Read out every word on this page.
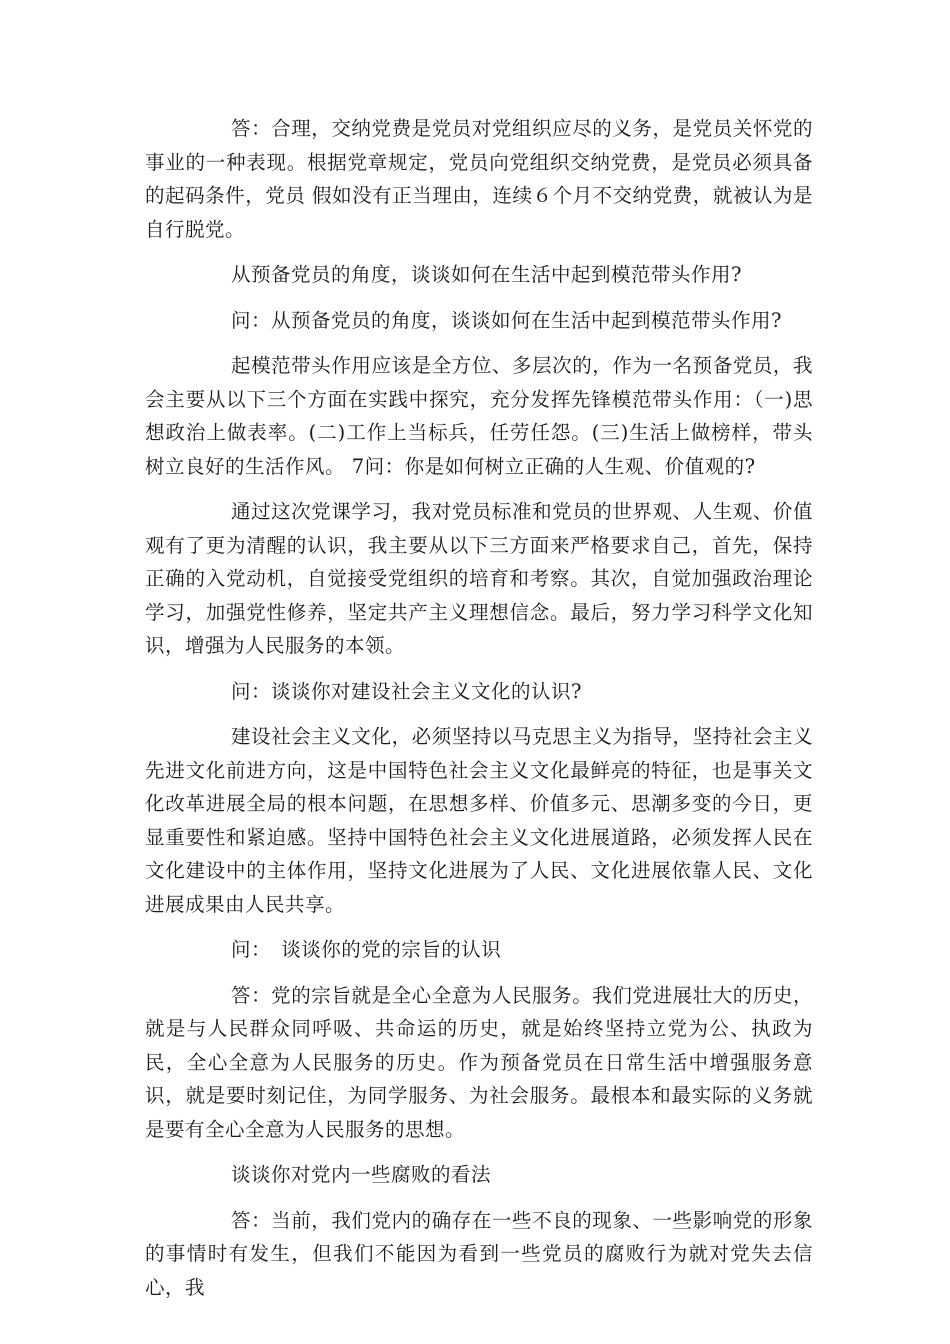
答：合理，交纳党费是党员对党组织应尽的义务，是党员关怀党的事业的一种表现。根据党章规定，党员向党组织交纳党费，是党员必须具备的起码条件，党员 假如没有正当理由，连续６个月不交纳党费，就被认为是自行脱党。

从预备党员的角度，谈谈如何在生活中起到模范带头作用?

问：从预备党员的角度，谈谈如何在生活中起到模范带头作用?

起模范带头作用应该是全方位、多层次的，作为一名预备党员，我会主要从以下三个方面在实践中探究，充分发挥先锋模范带头作用：（一)思想政治上做表率。(二)工作上当标兵，任劳任怨。(三)生活上做榜样，带头树立良好的生活作风。 7问：你是如何树立正确的人生观、价值观的?

通过这次党课学习，我对党员标准和党员的世界观、人生观、价值观有了更为清醒的认识，我主要从以下三方面来严格要求自己，首先，保持正确的入党动机，自觉接受党组织的培育和考察。其次，自觉加强政治理论学习，加强党性修养，坚定共产主义理想信念。最后，努力学习科学文化知识，增强为人民服务的本领。

问：谈谈你对建设社会主义文化的认识?

建设社会主义文化，必须坚持以马克思主义为指导，坚持社会主义先进文化前进方向，这是中国特色社会主义文化最鲜亮的特征，也是事关文化改革进展全局的根本问题，在思想多样、价值多元、思潮多变的今日，更显重要性和紧迫感。坚持中国特色社会主义文化进展道路，必须发挥人民在文化建设中的主体作用，坚持文化进展为了人民、文化进展依靠人民、文化进展成果由人民共享。

问：　谈谈你的党的宗旨的认识

答：党的宗旨就是全心全意为人民服务。我们党进展壮大的历史，就是与人民群众同呼吸、共命运的历史，就是始终坚持立党为公、执政为民，全心全意为人民服务的历史。作为预备党员在日常生活中增强服务意识，就是要时刻记住，为同学服务、为社会服务。最根本和最实际的义务就是要有全心全意为人民服务的思想。

谈谈你对党内一些腐败的看法

答：当前，我们党内的确存在一些不良的现象、一些影响党的形象的事情时有发生，但我们不能因为看到一些党员的腐败行为就对党失去信心，我
